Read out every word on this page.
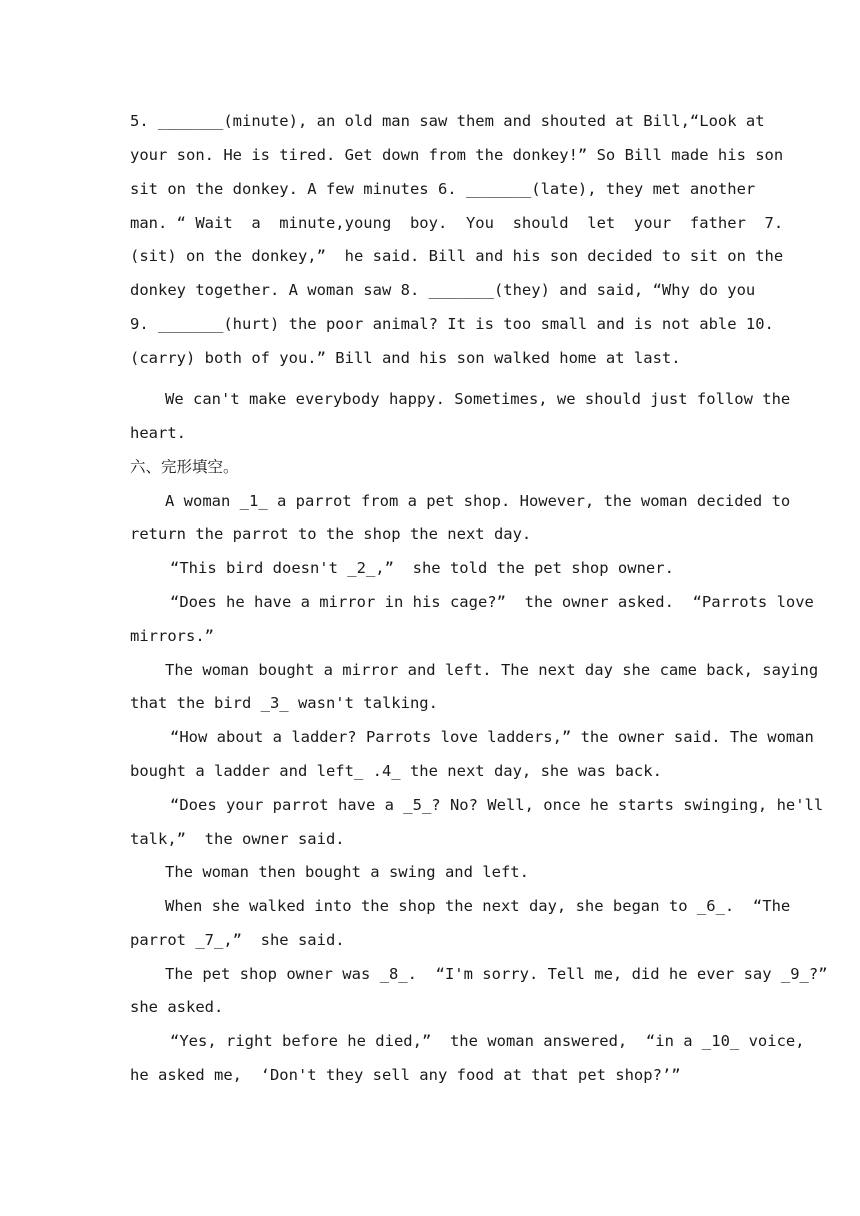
5. _______(minute), an old man saw them and shouted at Bill,“Look at
your son. He is tired. Get down from the donkey!” So Bill made his son
sit on the donkey. A few minutes 6. _______(late), they met another
man. “ Wait  a  minute,young  boy.  You  should  let  your  father  7.
(sit) on the donkey,”  he said. Bill and his son decided to sit on the
donkey together. A woman saw 8. _______(they) and said, “Why do you
9. _______(hurt) the poor animal? It is too small and is not able 10.
(carry) both of you.” Bill and his son walked home at last.
We can't make everybody happy. Sometimes, we should just follow the
heart.
六、完形填空。
A woman _1_ a parrot from a pet shop. However, the woman decided to
return the parrot to the shop the next day.
“This bird doesn't _2_,”  she told the pet shop owner.
“Does he have a mirror in his cage?”  the owner asked.  “Parrots love
mirrors.”
The woman bought a mirror and left. The next day she came back, saying
that the bird _3_ wasn't talking.
“How about a ladder? Parrots love ladders,” the owner said. The woman
bought a ladder and left_ .4_ the next day, she was back.
“Does your parrot have a _5_? No? Well, once he starts swinging, he'll
talk,”  the owner said.
The woman then bought a swing and left.
When she walked into the shop the next day, she began to _6_.  “The
parrot _7_,”  she said.
The pet shop owner was _8_.  “I'm sorry. Tell me, did he ever say _9_?”
she asked.
“Yes, right before he died,”  the woman answered,  “in a _10_ voice,
he asked me,  ‘Don't they sell any food at that pet shop?’”
